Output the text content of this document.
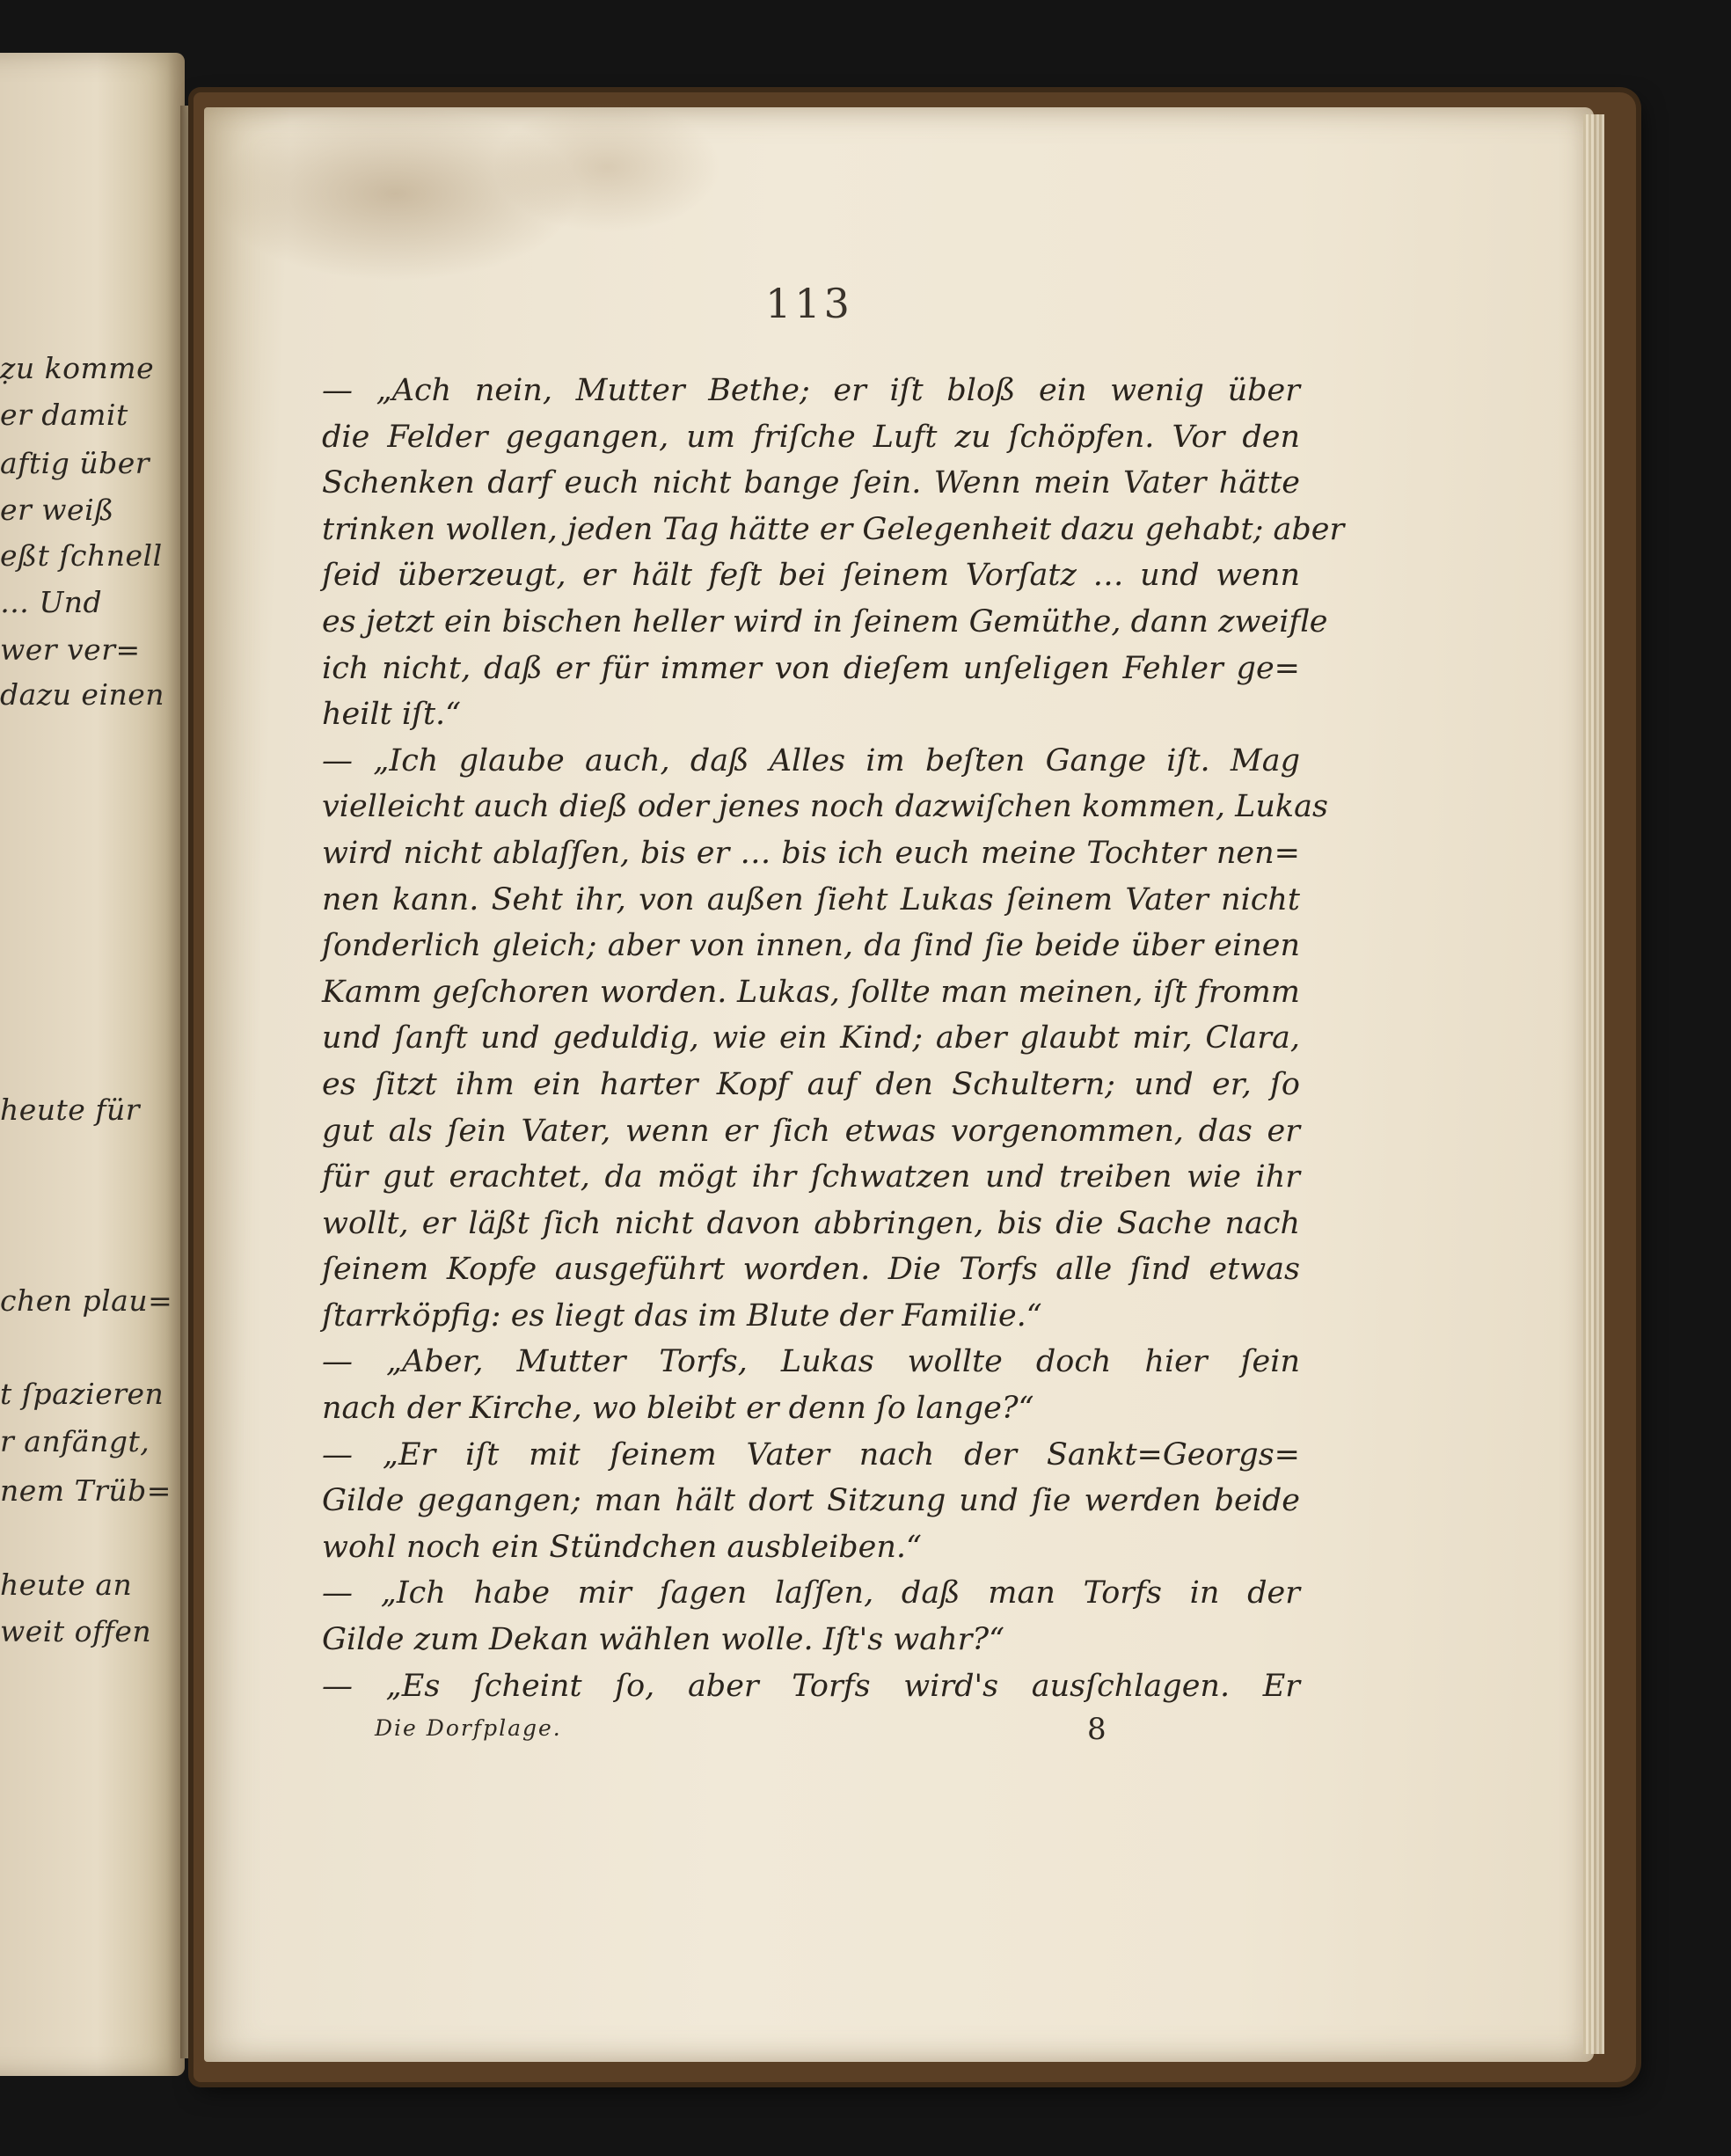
ẓu komme
er damit
aftig über
er weiß
eßt ſchnell
… Und
wer ver=
dazu einen
heute für
chen plau=
t ſpazieren
r anfängt,
nem Trüb=
heute an
weit offen
113
— „Ach nein, Mutter Bethe; er iſt bloß ein wenig über
die Felder gegangen, um friſche Luft zu ſchöpfen. Vor den
Schenken darf euch nicht bange ſein. Wenn mein Vater hätte
trinken wollen, jeden Tag hätte er Gelegenheit dazu gehabt; aber
ſeid überzeugt, er hält feſt bei ſeinem Vorſatz … und wenn
es jetzt ein bischen heller wird in ſeinem Gemüthe, dann zweifle
ich nicht, daß er für immer von dieſem unſeligen Fehler ge=
heilt iſt.“
— „Ich glaube auch, daß Alles im beſten Gange iſt. Mag
vielleicht auch dieß oder jenes noch dazwiſchen kommen, Lukas
wird nicht ablaſſen, bis er … bis ich euch meine Tochter nen=
nen kann. Seht ihr, von außen ſieht Lukas ſeinem Vater nicht
ſonderlich gleich; aber von innen, da ſind ſie beide über einen
Kamm geſchoren worden. Lukas, ſollte man meinen, iſt fromm
und ſanft und geduldig, wie ein Kind; aber glaubt mir, Clara,
es ſitzt ihm ein harter Kopf auf den Schultern; und er, ſo
gut als ſein Vater, wenn er ſich etwas vorgenommen, das er
für gut erachtet, da mögt ihr ſchwatzen und treiben wie ihr
wollt, er läßt ſich nicht davon abbringen, bis die Sache nach
ſeinem Kopfe ausgeführt worden. Die Torfs alle ſind etwas
ſtarrköpfig: es liegt das im Blute der Familie.“
— „Aber, Mutter Torfs, Lukas wollte doch hier ſein
nach der Kirche, wo bleibt er denn ſo lange?“
— „Er iſt mit ſeinem Vater nach der Sankt=Georgs=
Gilde gegangen; man hält dort Sitzung und ſie werden beide
wohl noch ein Stündchen ausbleiben.“
— „Ich habe mir ſagen laſſen, daß man Torfs in der
Gilde zum Dekan wählen wolle. Iſt's wahr?“
— „Es ſcheint ſo, aber Torfs wird's ausſchlagen. Er
Die Dorfplage.	8
